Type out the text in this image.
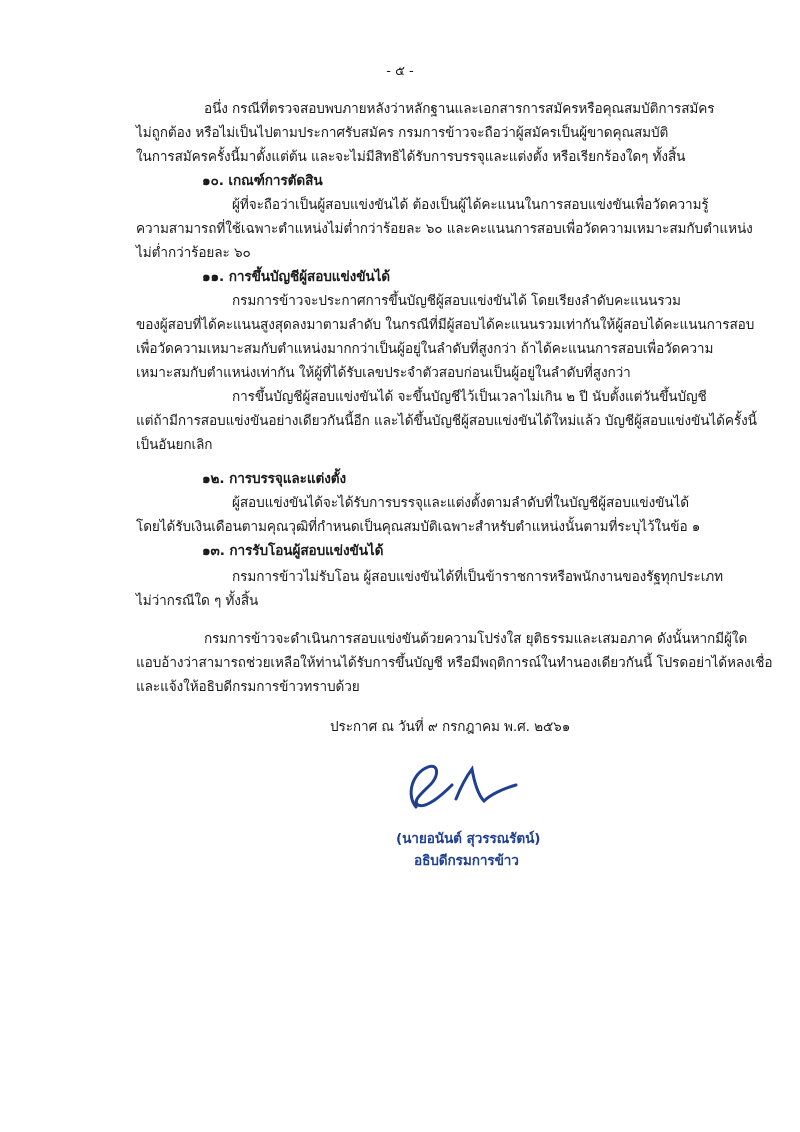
- ๕ -
อนึ่ง กรณีที่ตรวจสอบพบภายหลังว่าหลักฐานและเอกสารการสมัครหรือคุณสมบัติการสมัคร
ไม่ถูกต้อง หรือไม่เป็นไปตามประกาศรับสมัคร กรมการข้าวจะถือว่าผู้สมัครเป็นผู้ขาดคุณสมบัติ
ในการสมัครครั้งนี้มาตั้งแต่ต้น และจะไม่มีสิทธิได้รับการบรรจุและแต่งตั้ง หรือเรียกร้องใดๆ ทั้งสิ้น
๑๐. เกณฑ์การตัดสิน
ผู้ที่จะถือว่าเป็นผู้สอบแข่งขันได้ ต้องเป็นผู้ได้คะแนนในการสอบแข่งขันเพื่อวัดความรู้
ความสามารถที่ใช้เฉพาะตำแหน่งไม่ต่ำกว่าร้อยละ ๖๐ และคะแนนการสอบเพื่อวัดความเหมาะสมกับตำแหน่ง
ไม่ต่ำกว่าร้อยละ ๖๐
๑๑. การขึ้นบัญชีผู้สอบแข่งขันได้
กรมการข้าวจะประกาศการขึ้นบัญชีผู้สอบแข่งขันได้ โดยเรียงลำดับคะแนนรวม
ของผู้สอบที่ได้คะแนนสูงสุดลงมาตามลำดับ ในกรณีที่มีผู้สอบได้คะแนนรวมเท่ากันให้ผู้สอบได้คะแนนการสอบ
เพื่อวัดความเหมาะสมกับตำแหน่งมากกว่าเป็นผู้อยู่ในลำดับที่สูงกว่า ถ้าได้คะแนนการสอบเพื่อวัดความ
เหมาะสมกับตำแหน่งเท่ากัน ให้ผู้ที่ได้รับเลขประจำตัวสอบก่อนเป็นผู้อยู่ในลำดับที่สูงกว่า
การขึ้นบัญชีผู้สอบแข่งขันได้ จะขึ้นบัญชีไว้เป็นเวลาไม่เกิน ๒ ปี นับตั้งแต่วันขึ้นบัญชี
แต่ถ้ามีการสอบแข่งขันอย่างเดียวกันนี้อีก และได้ขึ้นบัญชีผู้สอบแข่งขันได้ใหม่แล้ว บัญชีผู้สอบแข่งขันได้ครั้งนี้
เป็นอันยกเลิก
๑๒. การบรรจุและแต่งตั้ง
ผู้สอบแข่งขันได้จะได้รับการบรรจุและแต่งตั้งตามลำดับที่ในบัญชีผู้สอบแข่งขันได้
โดยได้รับเงินเดือนตามคุณวุฒิที่กำหนดเป็นคุณสมบัติเฉพาะสำหรับตำแหน่งนั้นตามที่ระบุไว้ในข้อ ๑
๑๓. การรับโอนผู้สอบแข่งขันได้
กรมการข้าวไม่รับโอน ผู้สอบแข่งขันได้ที่เป็นข้าราชการหรือพนักงานของรัฐทุกประเภท
ไม่ว่ากรณีใด ๆ ทั้งสิ้น
กรมการข้าวจะดำเนินการสอบแข่งขันด้วยความโปร่งใส ยุติธรรมและเสมอภาค ดังนั้นหากมีผู้ใด
แอบอ้างว่าสามารถช่วยเหลือให้ท่านได้รับการขึ้นบัญชี หรือมีพฤติการณ์ในทำนองเดียวกันนี้ โปรดอย่าได้หลงเชื่อ
และแจ้งให้อธิบดีกรมการข้าวทราบด้วย
ประกาศ ณ วันที่ ๙ กรกฎาคม พ.ศ. ๒๕๖๑
(นายอนันต์ สุวรรณรัตน์)
อธิบดีกรมการข้าว
